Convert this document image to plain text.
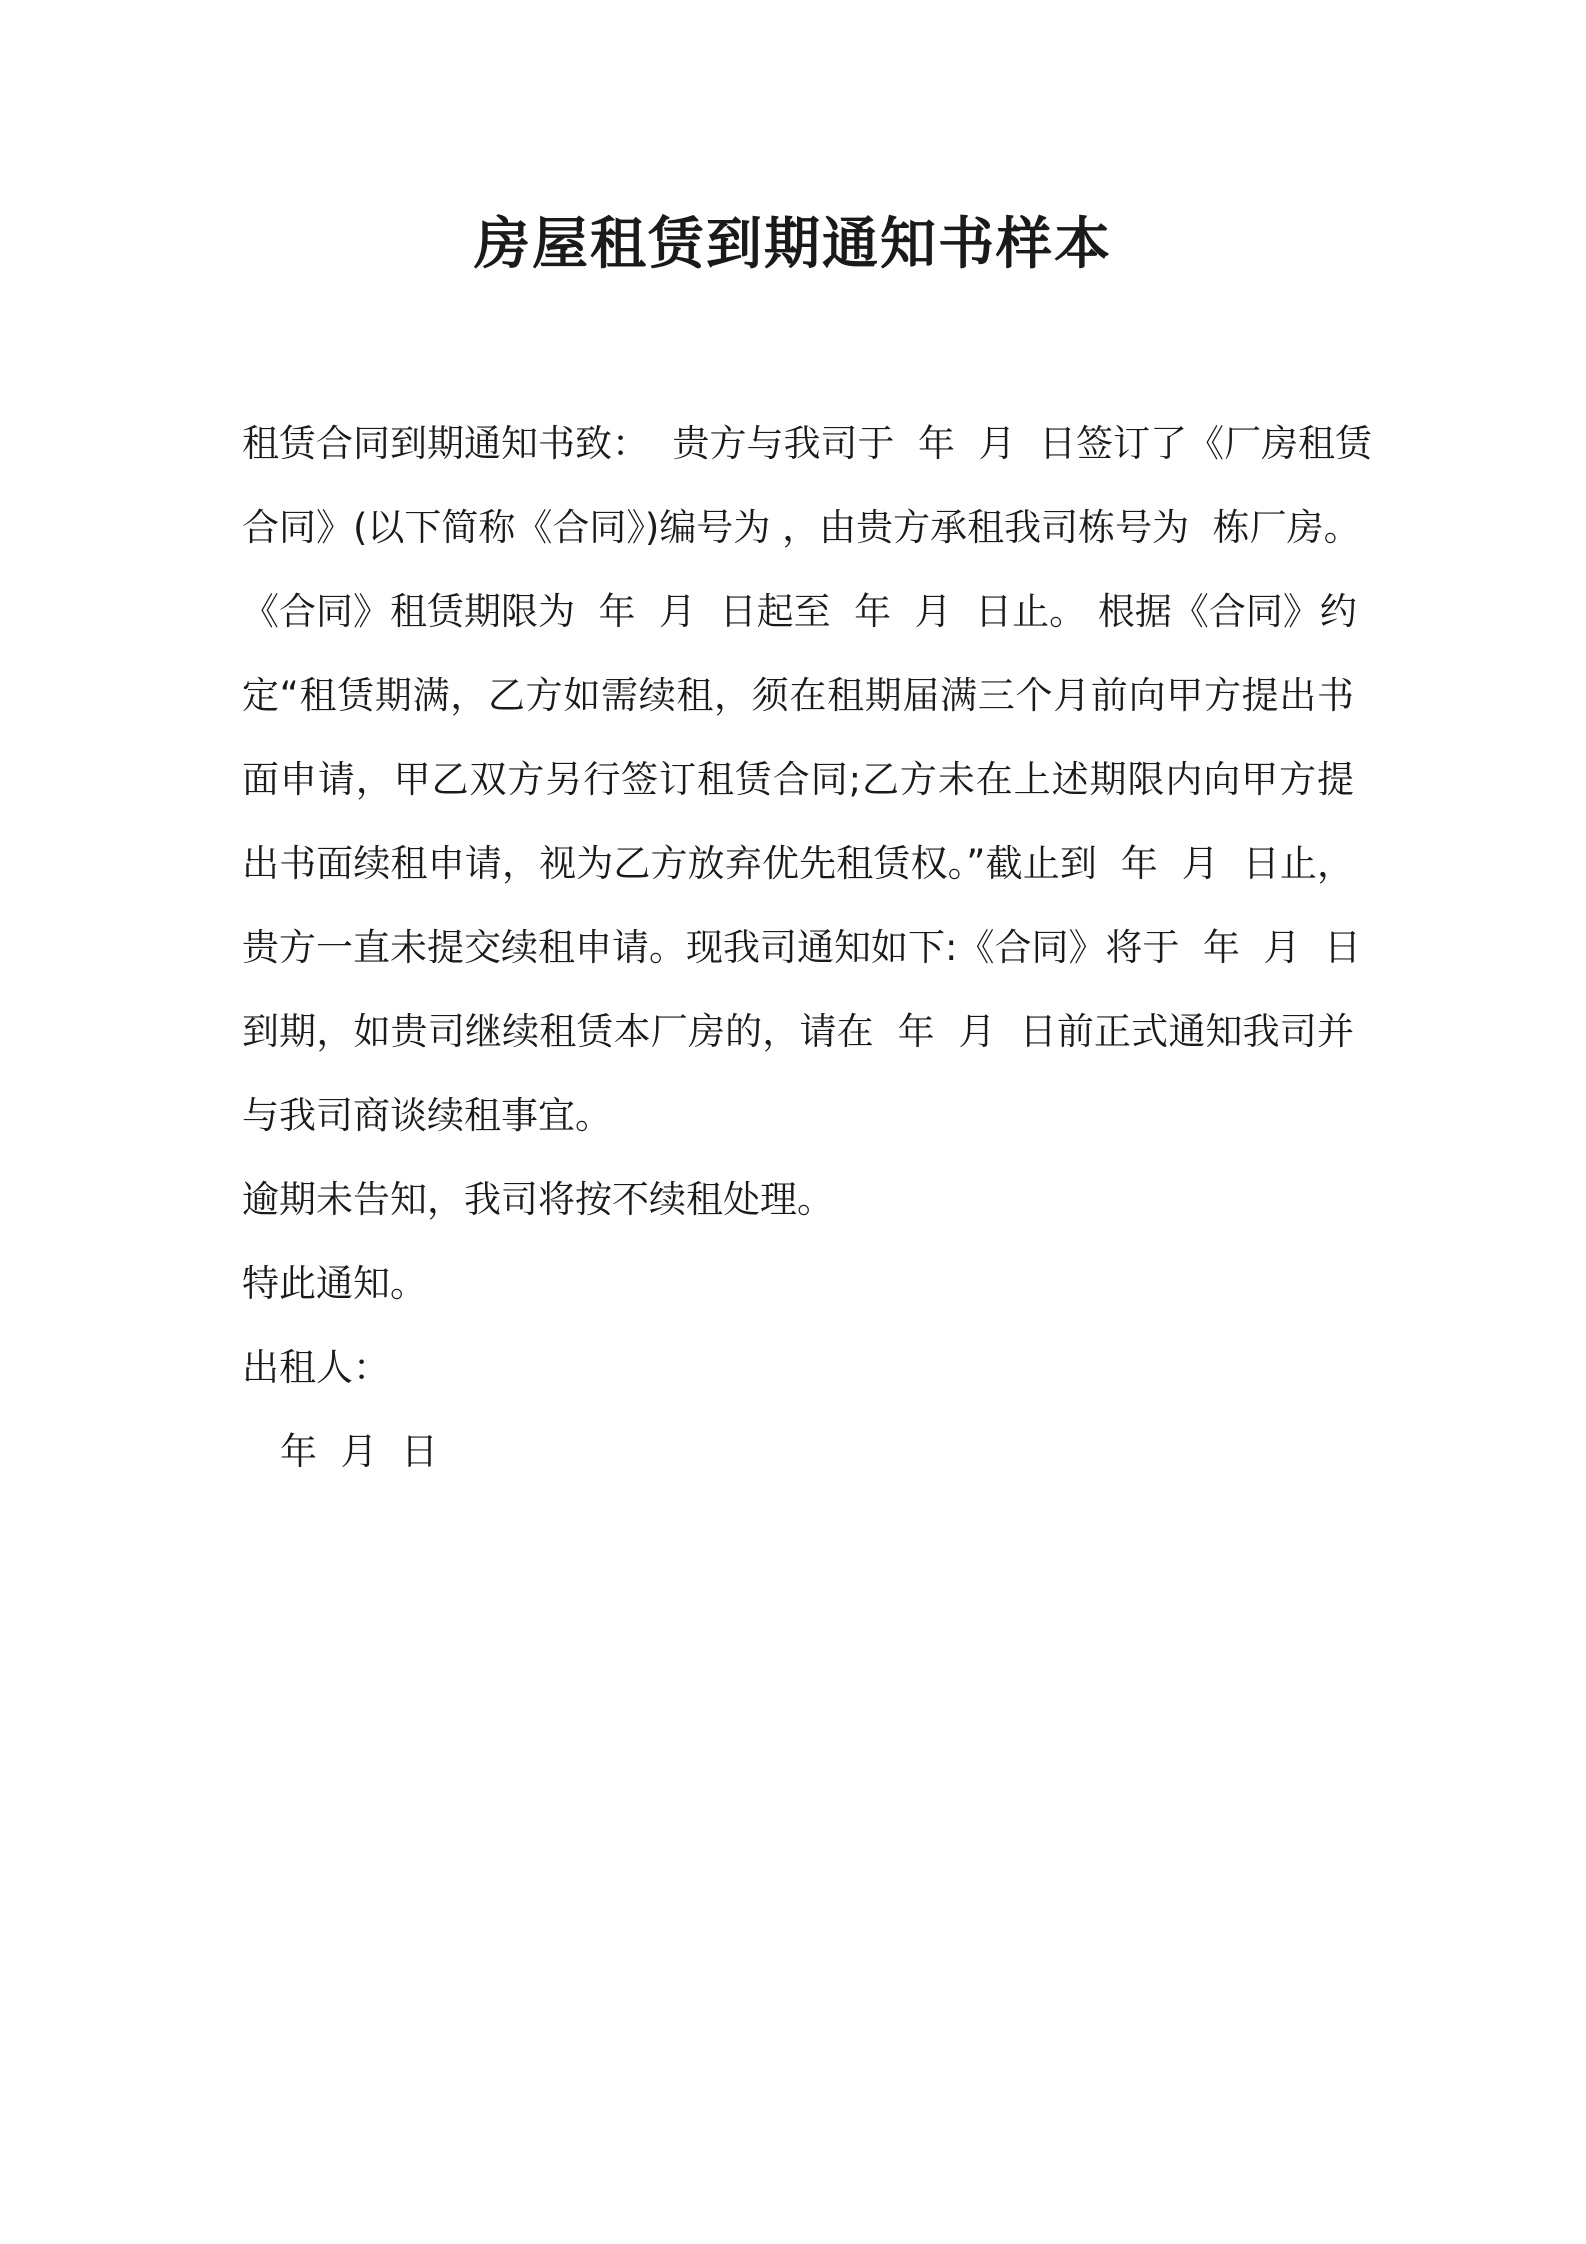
房屋租赁到期通知书样本
租赁合同到期通知书致：  贵方与我司于  年  月  日签订了《厂房租赁
合同》(以下简称《合同》)编号为 ，由贵方承租我司栋号为  栋厂房。
《合同》租赁期限为  年  月  日起至  年  月  日止。 根据《合同》约
定“租赁期满，乙方如需续租，须在租期届满三个月前向甲方提出书
面申请，甲乙双方另行签订租赁合同;乙方未在上述期限内向甲方提
出书面续租申请，视为乙方放弃优先租赁权。”截止到  年  月  日止，
贵方一直未提交续租申请。现我司通知如下:《合同》将于  年  月  日
到期，如贵司继续租赁本厂房的，请在  年  月  日前正式通知我司并
与我司商谈续租事宜。
逾期未告知，我司将按不续租处理。
特此通知。
出租人：
年  月  日
